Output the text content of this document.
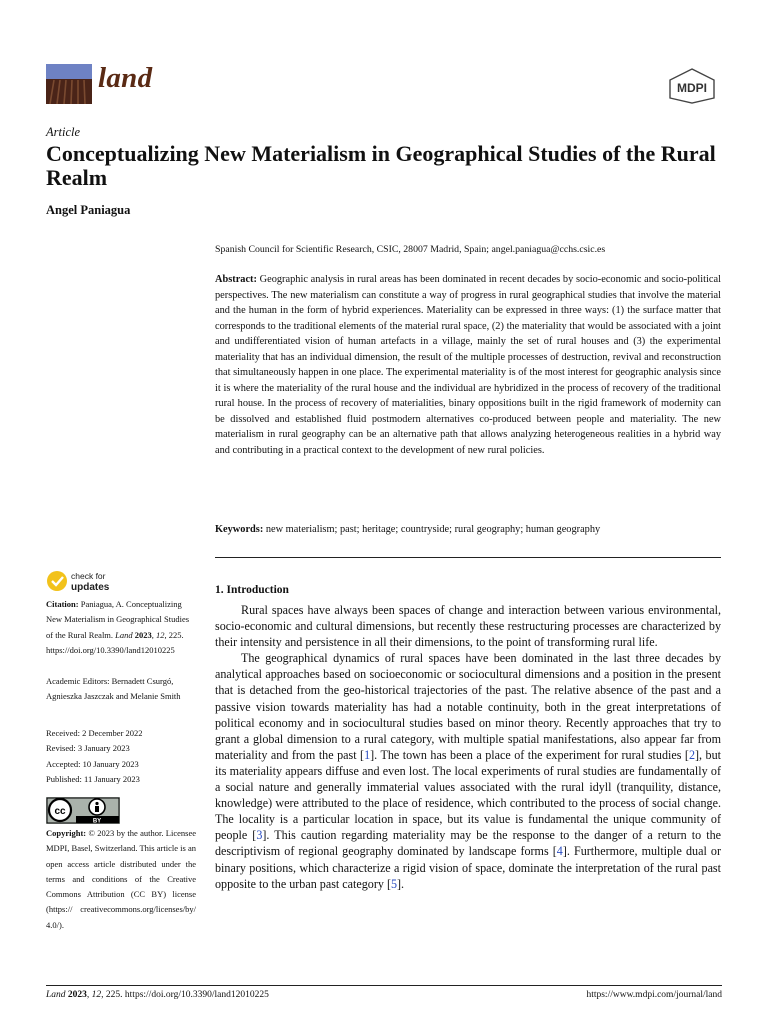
land	MDPI
Article
Conceptualizing New Materialism in Geographical Studies of the Rural Realm
Angel Paniagua
Spanish Council for Scientific Research, CSIC, 28007 Madrid, Spain; angel.paniagua@cchs.csic.es
Abstract: Geographic analysis in rural areas has been dominated in recent decades by socio-economic and socio-political perspectives. The new materialism can constitute a way of progress in rural geographical studies that involve the material and the human in the form of hybrid experiences. Materiality can be expressed in three ways: (1) the surface matter that corresponds to the traditional elements of the material rural space, (2) the materiality that would be associated with a joint and undifferentiated vision of human artefacts in a village, mainly the set of rural houses and (3) the experimental materiality that has an individual dimension, the result of the multiple processes of destruction, revival and reconstruction that simultaneously happen in one place. The experimental materiality is of the most interest for geographic analysis since it is where the materiality of the rural house and the individual are hybridized in the process of recovery of the traditional rural house. In the process of recovery of materialities, binary oppositions built in the rigid framework of modernity can be dissolved and established fluid postmodern alternatives co-produced between people and materiality. The new materialism in rural geography can be an alternative path that allows analyzing heterogeneous realities in a hybrid way and contributing in a practical context to the development of new rural policies.
Keywords: new materialism; past; heritage; countryside; rural geography; human geography
check for
updates
Citation: Paniagua, A. Conceptualizing New Materialism in Geographical Studies of the Rural Realm. Land 2023, 12, 225. https://doi.org/10.3390/land12010225
Academic Editors: Bernadett Csurgó, Agnieszka Jaszczak and Melanie Smith
Received: 2 December 2022
Revised: 3 January 2023
Accepted: 10 January 2023
Published: 11 January 2023
cc
BY
Copyright: © 2023 by the author. Licensee MDPI, Basel, Switzerland. This article is an open access article distributed under the terms and conditions of the Creative Commons Attribution (CC BY) license (https:// creativecommons.org/licenses/by/ 4.0/).
1. Introduction

Rural spaces have always been spaces of change and interaction between various environmental, socio-economic and cultural dimensions, but recently these restructuring processes are characterized by their intensity and persistence in all their dimensions, to the point of transforming rural life.

The geographical dynamics of rural spaces have been dominated in the last three decades by analytical approaches based on socioeconomic or sociocultural dimensions and a position in the present that is detached from the geo-historical trajectories of the past. The relative absence of the past and a passive vision towards materiality has had a notable continuity, both in the great interpretations of political economy and in sociocultural studies based on minor theory. Recently approaches that try to grant a global dimension to a rural category, with multiple spatial manifestations, also appear far from materiality and from the past [1]. The town has been a place of the experiment for rural studies [2], but its materiality appears diffuse and even lost. The local experiments of rural studies are fundamentally of a social nature and generally immaterial values associated with the rural idyll (tranquility, distance, knowledge) were attributed to the place of residence, which contributed to the process of social change. The locality is a particular location in space, but its value is fundamental the unique community of people [3]. This caution regarding materiality may be the response to the danger of a return to the descriptivism of regional geography dominated by landscape forms [4]. Furthermore, multiple dual or binary positions, which characterize a rigid vision of space, dominate the interpretation of the rural past opposite to the urban past category [5].

Land 2023, 12, 225. https://doi.org/10.3390/land12010225	https://www.mdpi.com/journal/land
